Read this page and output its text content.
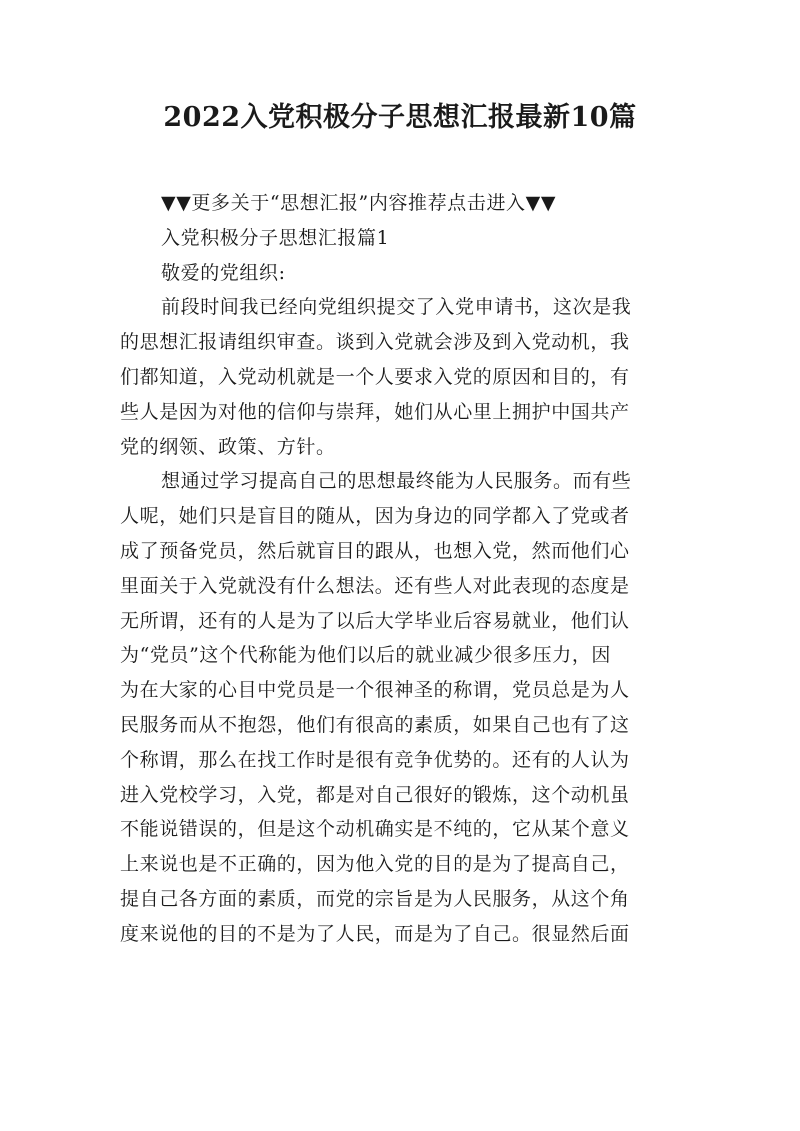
2022入党积极分子思想汇报最新10篇
▼▼更多关于“思想汇报”内容推荐点击进入▼▼
入党积极分子思想汇报篇1
敬爱的党组织:
前段时间我已经向党组织提交了入党申请书，这次是我
的思想汇报请组织审查。谈到入党就会涉及到入党动机，我
们都知道，入党动机就是一个人要求入党的原因和目的，有
些人是因为对他的信仰与崇拜，她们从心里上拥护中国共产
党的纲领、政策、方针。
想通过学习提高自己的思想最终能为人民服务。而有些
人呢，她们只是盲目的随从，因为身边的同学都入了党或者
成了预备党员，然后就盲目的跟从，也想入党，然而他们心
里面关于入党就没有什么想法。还有些人对此表现的态度是
无所谓，还有的人是为了以后大学毕业后容易就业，他们认
为“党员”这个代称能为他们以后的就业减少很多压力，因
为在大家的心目中党员是一个很神圣的称谓，党员总是为人
民服务而从不抱怨，他们有很高的素质，如果自己也有了这
个称谓，那么在找工作时是很有竞争优势的。还有的人认为
进入党校学习，入党，都是对自己很好的锻炼，这个动机虽
不能说错误的，但是这个动机确实是不纯的，它从某个意义
上来说也是不正确的，因为他入党的目的是为了提高自己，
提自己各方面的素质，而党的宗旨是为人民服务，从这个角
度来说他的目的不是为了人民，而是为了自己。很显然后面
